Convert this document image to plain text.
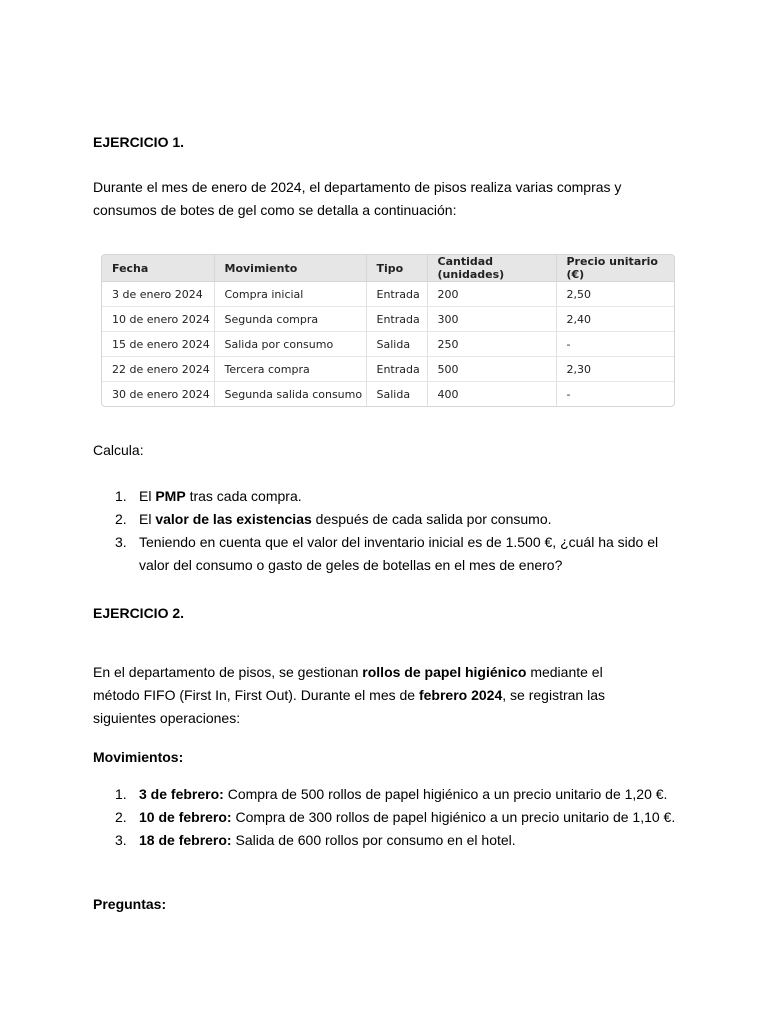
EJERCICIO 1.
Durante el mes de enero de 2024, el departamento de pisos realiza varias compras y consumos de botes de gel como se detalla a continuación:
Fecha	Movimiento	Tipo	Cantidad (unidades)	Precio unitario (€)
3 de enero 2024	Compra inicial	Entrada	200	2,50
10 de enero 2024	Segunda compra	Entrada	300	2,40
15 de enero 2024	Salida por consumo	Salida	250	-
22 de enero 2024	Tercera compra	Entrada	500	2,30
30 de enero 2024	Segunda salida consumo	Salida	400	-
Calcula:
1. El PMP tras cada compra.
2. El valor de las existencias después de cada salida por consumo.
3. Teniendo en cuenta que el valor del inventario inicial es de 1.500 €, ¿cuál ha sido el valor del consumo o gasto de geles de botellas en el mes de enero?
EJERCICIO 2.
En el departamento de pisos, se gestionan rollos de papel higiénico mediante el método FIFO (First In, First Out). Durante el mes de febrero 2024, se registran las siguientes operaciones:
Movimientos:
1. 3 de febrero: Compra de 500 rollos de papel higiénico a un precio unitario de 1,20 €.
2. 10 de febrero: Compra de 300 rollos de papel higiénico a un precio unitario de 1,10 €.
3. 18 de febrero: Salida de 600 rollos por consumo en el hotel.
Preguntas:
